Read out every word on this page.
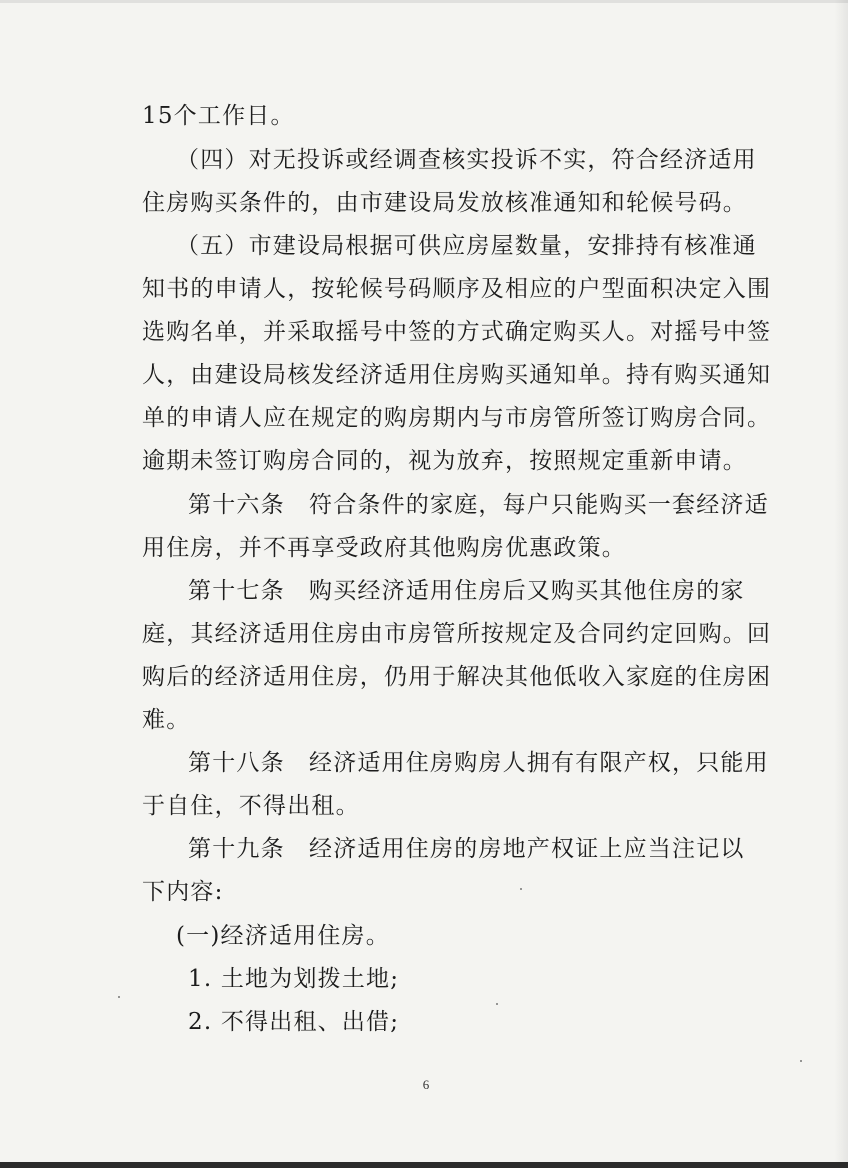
15个工作日。
（四）对无投诉或经调查核实投诉不实，符合经济适用
住房购买条件的，由市建设局发放核准通知和轮候号码。
（五）市建设局根据可供应房屋数量，安排持有核准通
知书的申请人，按轮候号码顺序及相应的户型面积决定入围
选购名单，并采取摇号中签的方式确定购买人。对摇号中签
人，由建设局核发经济适用住房购买通知单。持有购买通知
单的申请人应在规定的购房期内与市房管所签订购房合同。
逾期未签订购房合同的，视为放弃，按照规定重新申请。
第十六条　符合条件的家庭，每户只能购买一套经济适
用住房，并不再享受政府其他购房优惠政策。
第十七条　购买经济适用住房后又购买其他住房的家
庭，其经济适用住房由市房管所按规定及合同约定回购。回
购后的经济适用住房，仍用于解决其他低收入家庭的住房困
难。
第十八条　经济适用住房购房人拥有有限产权，只能用
于自住，不得出租。
第十九条　经济适用住房的房地产权证上应当注记以
下内容:
(一)经济适用住房。
1. 土地为划拨土地;
2. 不得出租、出借;
6
